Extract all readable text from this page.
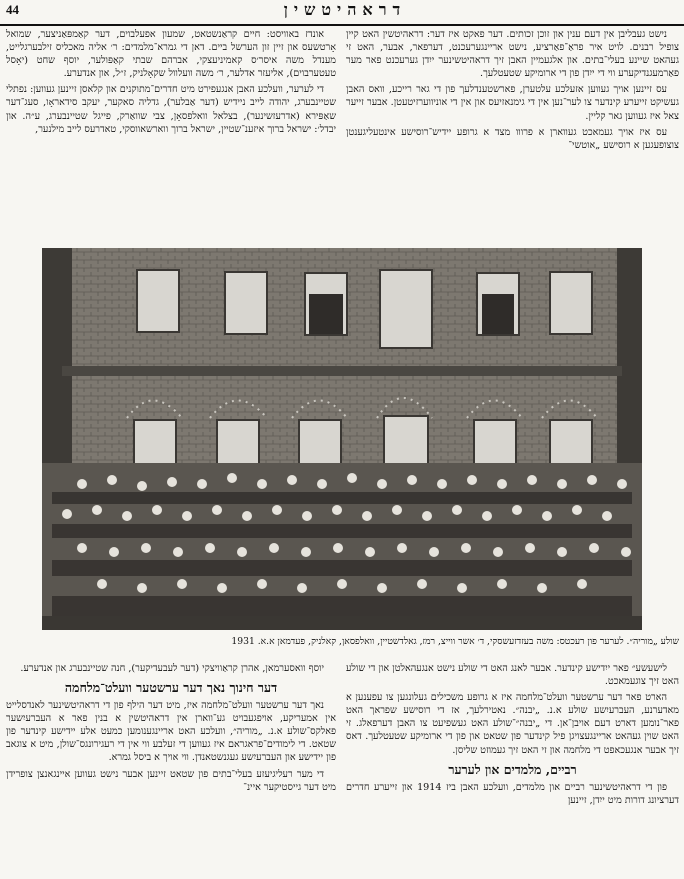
44	דראהיטשין

נישט געבליבן אין דעם ענין און זוכן זכותים. דער פאקט איז דער: דראהיטשין האט קיין צופיל רבנים. לויט איר פראַ־פאַרציע, נישט אריינגערעכנט, דערפאר, אבער, האט זי געהאט שיינע בעלי־בתים. און אלגעמיין האבן זיך דראהיטשינער ייִדן גערעכנט פאר מער פאַרמעגנדיקערע ווי די ייִדן פון די ארומיקע שטעטלעך.

עס זיינען אויך געווען אזעלכע עלטערן, פארשטענדלעך פון די גאר רייכע, וואס האבן געשיקט זייערע קינדער צו לער־נען אין די גימנאזיעס און אין די אוניווערזיטעטן. אבער זייער צאל איז געווען גאר קליין.

עס איז אויך געמאכט געווארן א פרווו מצד א גרופע יידיש־רוסישע אינטעליגענטן צוצופעגען א רוסישע „אוטשי־

אונדז באוויסט: חיים קראַנשטאט, שמעון אפעלבוים, דער קאַמפּאַניצער, שמואל אָרטשעס און זיין זון הערשל ביים. דאן די גמרא־מלמדים: ר׳ אליה מאכליס זילבערגלייט, מענדל משה איסר׳ס קאמיניעצקי, אברהם שבתי קאַפּולער, יוסף שחט (יאָסל טעטערבוים), אליעזר אדלער, ר׳ משה וועלוול שקאָלניק, ז״ל, און אנדערע.

די לערער, וועלכע האבן אנגעפירט מיט חדרים־מתוקנים און קלאסן זיינען געווען: נפתלי שטיינבערג, יהודה לייב ניידיש (דער אַבלער), גדליה סאקער, יעקב סידאראָו, סעג־דער שאַפּירא (אדרעזשינער), בצלאל וואלפסאָן, צבי שוואַרק, פייגל שטיינבערג, ע״ה. און יבדל׳: ישראל ברוך איזענ־שטיין, ישראל ברוך ווארשאווסקי, טאדרעס לייב מילנער,

שולע „מוריה״. לערער פון רעכטס: משה בעזדזעשסקי, ד׳ אשר ווייצ, רמז, גאלדשטיין, וואלפסאן, קאלניק, פעדמאן א.א. 1931

לישעשע״ פאר ייִדישע קינדער. אבער לאנג האט די שולע נישט אנגעהאלטן און די שולע האט זיך צוגעמאכט.

הארט פאר דער ערשטער וועלט־מלחמה איז א גרופע משכילים געלונגען צו עפענען א מאדערנע, העברעיִשע שולע א.נ. „יבנה״. נאטירלעך, אז די רוסישע שפראך האט פאר־נומען דארט דעם אויבן־אן. די „יבנה״־שולע האט געשפיעט צו האבן דערפאלג. זי האט שוין געהאט אריינגעצויגן פיל קינדער פון שטאט און פון די ארומיקע שטעטלעך. דאס זיך אבער אנגעכאפט די מלחמה און זי האט זיך געמוזט שליסן.

רביים, מלמדים און לערער

פון די דראהיטשינער רביים און מלמדים, וועלכע האבן ביז 1914 און זייערע חדרים דערציונג דורות מיט ייִדן, זיינען

יוסף וואסערמאן, אהרן קראַוויצקי (דער לעבעדיקער), חנה שטיינבערג און אנדערע.

דער חינוך נאך דער ערשטער וועלט־מלחמה

נאך דער ערשטער וועלט־מלחמה איז, מיט דער הילף פון די דראהיטשינער לאנדסלייט אין אמעריקע, אויפגעבויט גע־ווארן אין דראהיטשין א בנין פאר א העברעיִשער פאלקס־שולע א.נ. „מוריה״, וועלכע האט אריינגענומען כמעט אלע יידישע קינדער פון שטאט. די לימודים־פראגראם איז געווען די זעלבע ווי אין די רעגירונגס־שולן, מיט א צוגאב פון יידישע און העברעיִשע געגנשטאנדן. ווי אויך א ביסל גמרא.

די מער רעליגיעזע בעלי־בתים פון שטאט זיינען אבער נישט געווען איינגאנצן צופרידן מיט דער גייסטיקער איינ־
